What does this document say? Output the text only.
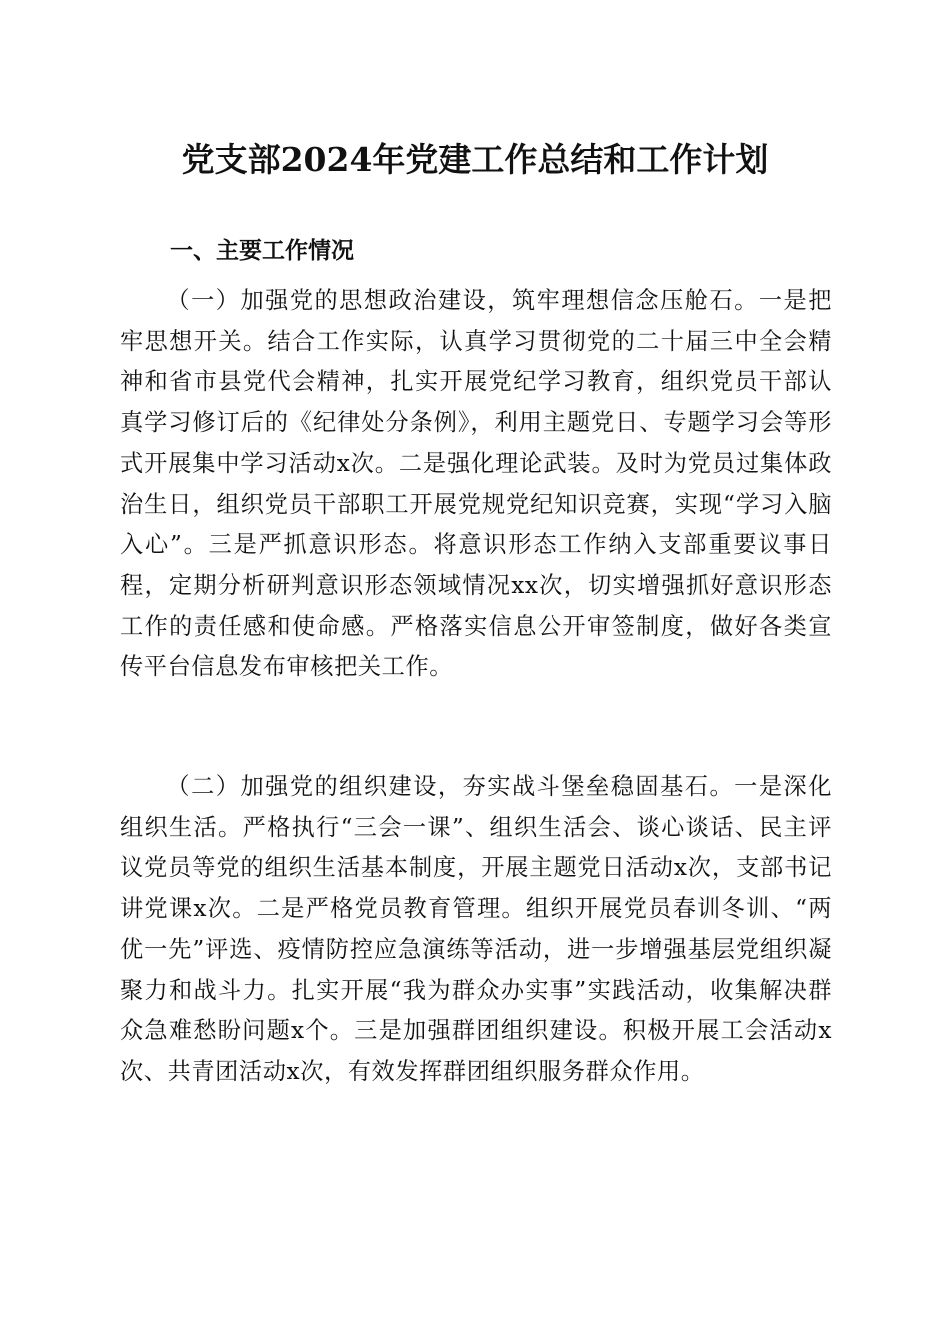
党支部2024年党建工作总结和工作计划
一、主要工作情况

（一）加强党的思想政治建设，筑牢理想信念压舱石。一是把牢思想开关。结合工作实际，认真学习贯彻党的二十届三中全会精神和省市县党代会精神，扎实开展党纪学习教育，组织党员干部认真学习修订后的《纪律处分条例》，利用主题党日、专题学习会等形式开展集中学习活动x次。二是强化理论武装。及时为党员过集体政治生日，组织党员干部职工开展党规党纪知识竞赛，实现“学习入脑入心”。三是严抓意识形态。将意识形态工作纳入支部重要议事日程，定期分析研判意识形态领域情况xx次，切实增强抓好意识形态工作的责任感和使命感。严格落实信息公开审签制度，做好各类宣传平台信息发布审核把关工作。

（二）加强党的组织建设，夯实战斗堡垒稳固基石。一是深化组织生活。严格执行“三会一课”、组织生活会、谈心谈话、民主评议党员等党的组织生活基本制度，开展主题党日活动x次，支部书记讲党课x次。二是严格党员教育管理。组织开展党员春训冬训、“两优一先”评选、疫情防控应急演练等活动，进一步增强基层党组织凝聚力和战斗力。扎实开展“我为群众办实事”实践活动，收集解决群众急难愁盼问题x个。三是加强群团组织建设。积极开展工会活动x次、共青团活动x次，有效发挥群团组织服务群众作用。
